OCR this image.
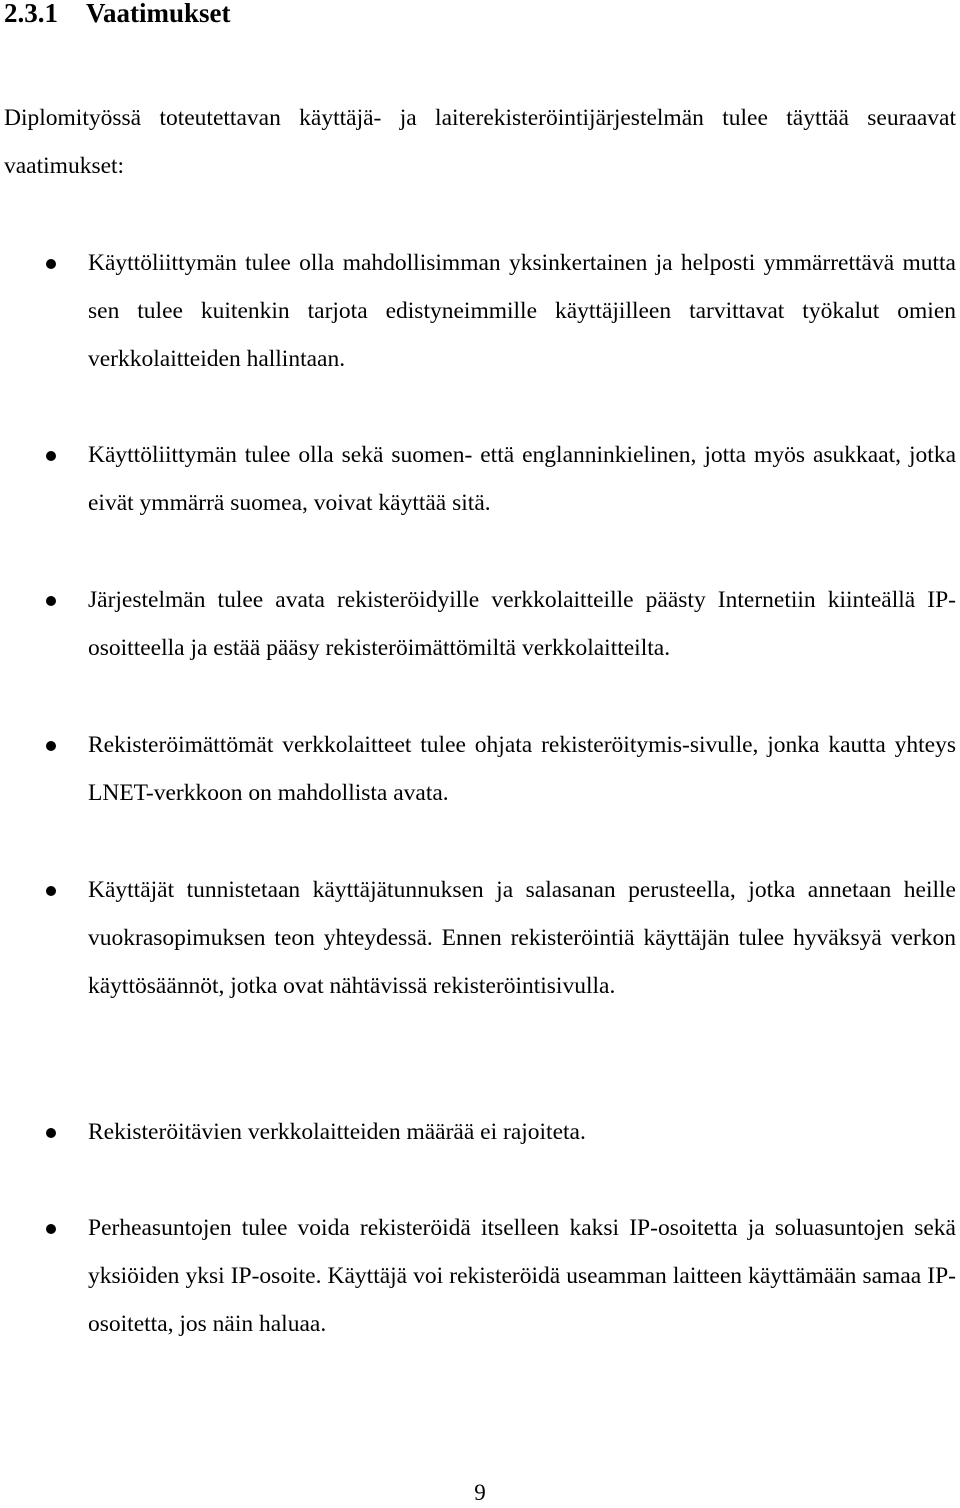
2.3.1 Vaatimukset

Diplomityössä toteutettavan käyttäjä- ja laiterekisteröintijärjestelmän tulee täyttää seuraavat vaatimukset:

Käyttöliittymän tulee olla mahdollisimman yksinkertainen ja helposti ymmärrettävä mutta sen tulee kuitenkin tarjota edistyneimmille käyttäjilleen tarvittavat työkalut omien verkkolaitteiden hallintaan.

Käyttöliittymän tulee olla sekä suomen- että englanninkielinen, jotta myös asukkaat, jotka eivät ymmärrä suomea, voivat käyttää sitä.

Järjestelmän tulee avata rekisteröidyille verkkolaitteille päästy Internetiin kiinteällä IP-osoitteella ja estää pääsy rekisteröimättömiltä verkkolaitteilta.

Rekisteröimättömät verkkolaitteet tulee ohjata rekisteröitymis-sivulle, jonka kautta yhteys LNET-verkkoon on mahdollista avata.

Käyttäjät tunnistetaan käyttäjätunnuksen ja salasanan perusteella, jotka annetaan heille vuokrasopimuksen teon yhteydessä. Ennen rekisteröintiä käyttäjän tulee hyväksyä verkon käyttösäännöt, jotka ovat nähtävissä rekisteröintisivulla.

Rekisteröitävien verkkolaitteiden määrää ei rajoiteta.

Perheasuntojen tulee voida rekisteröidä itselleen kaksi IP-osoitetta ja soluasuntojen sekä yksiöiden yksi IP-osoite. Käyttäjä voi rekisteröidä useamman laitteen käyttämään samaa IP-osoitetta, jos näin haluaa.

9
